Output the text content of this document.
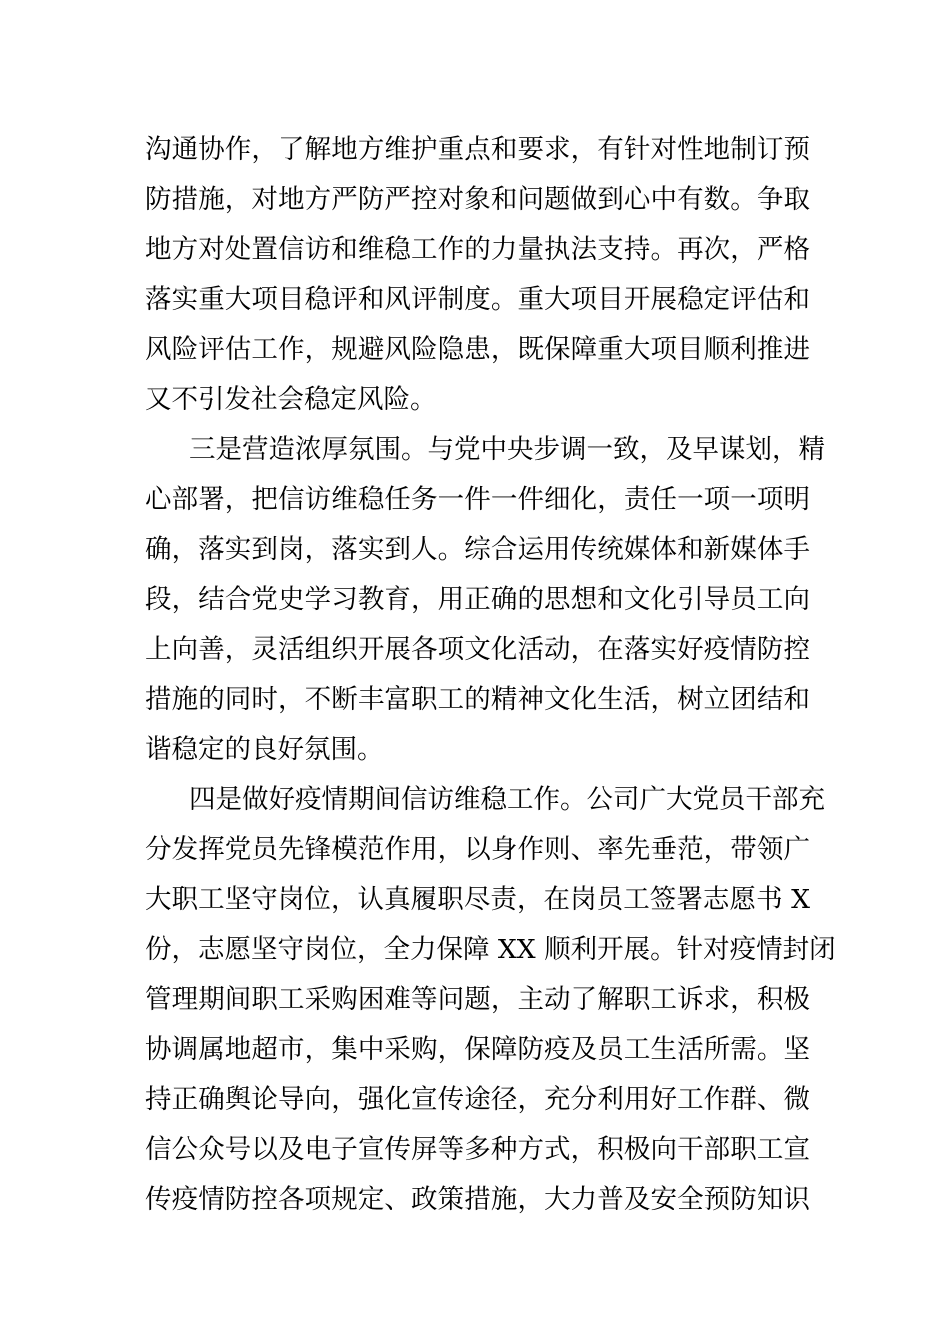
沟通协作，了解地方维护重点和要求，有针对性地制订预
防措施，对地方严防严控对象和问题做到心中有数。争取
地方对处置信访和维稳工作的力量执法支持。再次，严格
落实重大项目稳评和风评制度。重大项目开展稳定评估和
风险评估工作，规避风险隐患，既保障重大项目顺利推进
又不引发社会稳定风险。
三是营造浓厚氛围。与党中央步调一致，及早谋划，精
心部署，把信访维稳任务一件一件细化，责任一项一项明
确，落实到岗，落实到人。综合运用传统媒体和新媒体手
段，结合党史学习教育，用正确的思想和文化引导员工向
上向善，灵活组织开展各项文化活动，在落实好疫情防控
措施的同时，不断丰富职工的精神文化生活，树立团结和
谐稳定的良好氛围。
四是做好疫情期间信访维稳工作。公司广大党员干部充
分发挥党员先锋模范作用，以身作则、率先垂范，带领广
大职工坚守岗位，认真履职尽责，在岗员工签署志愿书 X
份，志愿坚守岗位，全力保障 XX 顺利开展。针对疫情封闭
管理期间职工采购困难等问题，主动了解职工诉求，积极
协调属地超市，集中采购，保障防疫及员工生活所需。坚
持正确舆论导向，强化宣传途径，充分利用好工作群、微
信公众号以及电子宣传屏等多种方式，积极向干部职工宣
传疫情防控各项规定、政策措施，大力普及安全预防知识
